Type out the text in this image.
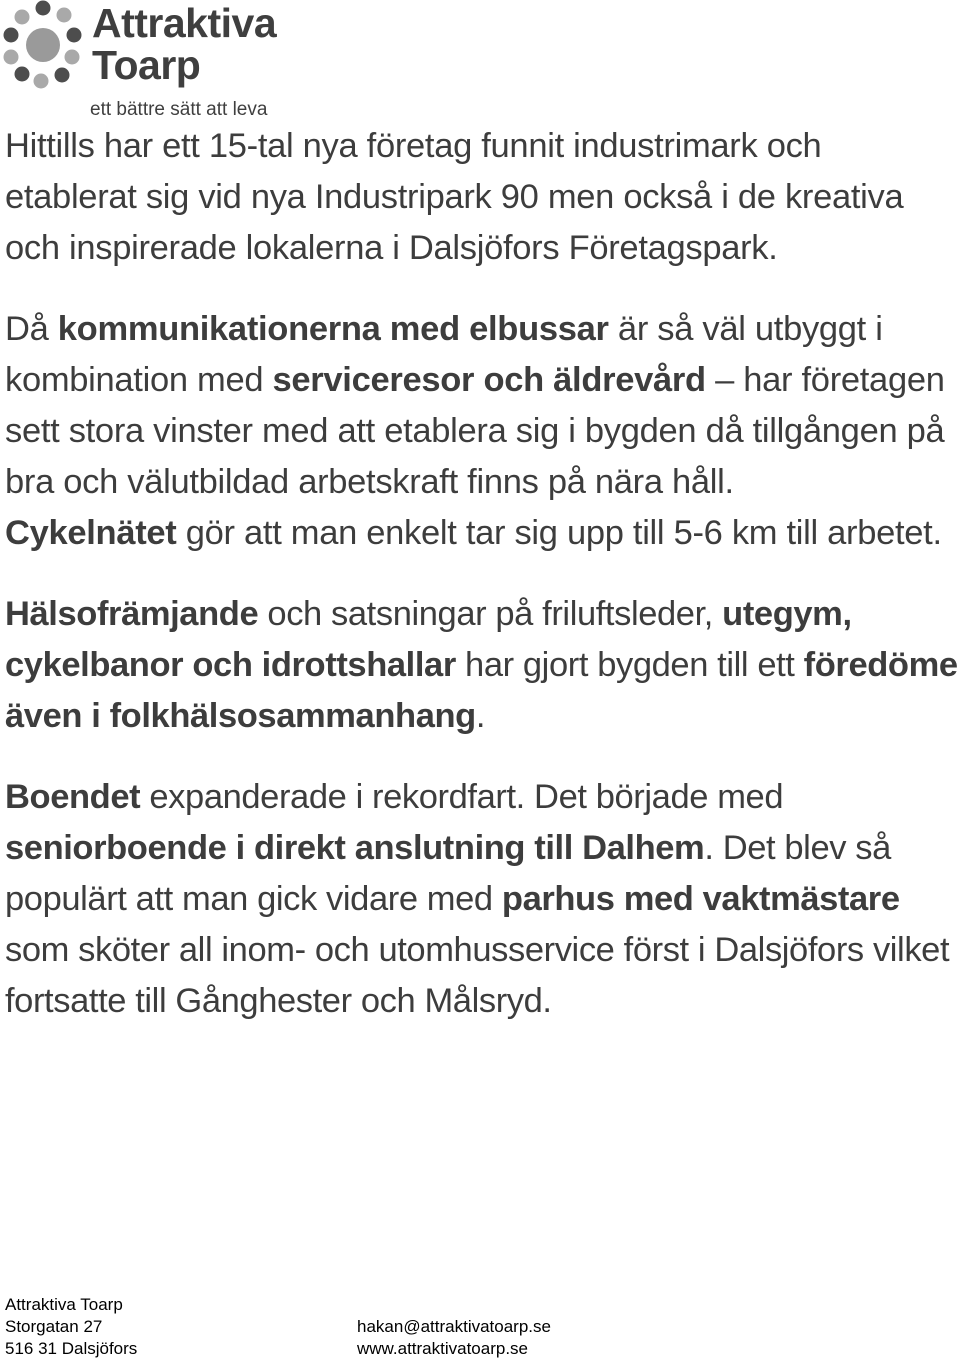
Attraktiva
Toarp
ett bättre sätt att leva

Hittills har ett 15-tal nya företag funnit industrimark och etablerat sig vid nya Industripark 90 men också i de kreativa och inspirerade lokalerna i Dalsjöfors Företagspark.

Då kommunikationerna med elbussar är så väl utbyggt i kombination med serviceresor och äldrevård – har företagen sett stora vinster med att etablera sig i bygden då tillgången på bra och välutbildad arbetskraft finns på nära håll.
Cykelnätet gör att man enkelt tar sig upp till 5-6 km till arbetet.

Hälsofrämjande och satsningar på friluftsleder, utegym, cykelbanor och idrottshallar har gjort bygden till ett föredöme även i folkhälsosammanhang.

Boendet expanderade i rekordfart. Det började med seniorboende i direkt anslutning till Dalhem. Det blev så populärt att man gick vidare med parhus med vaktmästare som sköter all inom- och utomhusservice först i Dalsjöfors vilket fortsatte till Gånghester och Målsryd.

Attraktiva Toarp
Storgatan 27
516 31 Dalsjöfors
hakan@attraktivatoarp.se
www.attraktivatoarp.se
